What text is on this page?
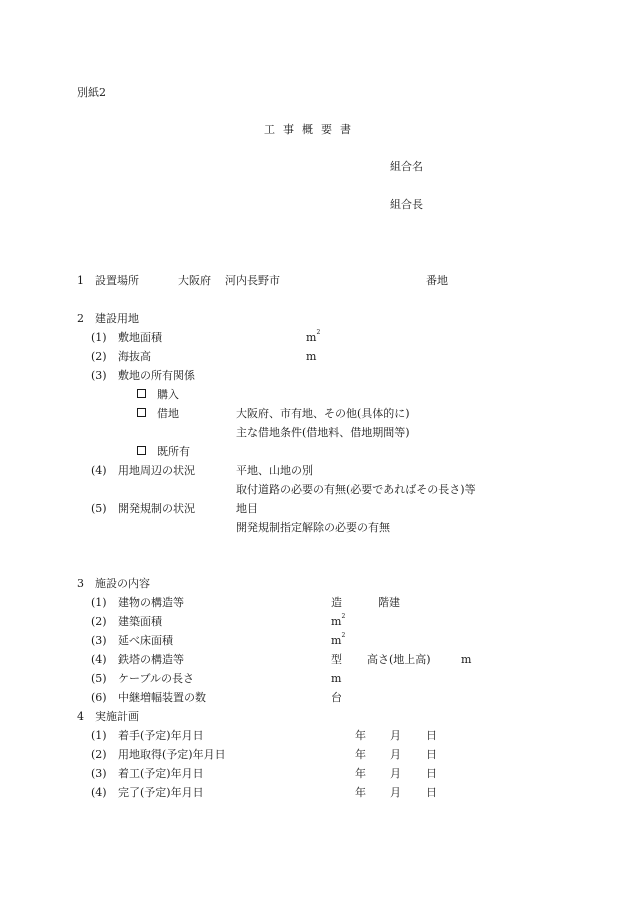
別紙2
工事概要書
組合名
組合長
1 設置場所	大阪府 河内長野市	番地
2 建設用地
(1) 敷地面積	$m^2$
(2) 海抜高	m
(3) 敷地の所有関係
購入
借地	大阪府、市有地、その他(具体的に)
主な借地条件(借地料、借地期間等)
既所有
(4) 用地周辺の状況	平地、山地の別
取付道路の必要の有無(必要であればその長さ)等
(5) 開発規制の状況	地目
開発規制指定解除の必要の有無
3 施設の内容
(1) 建物の構造等	造	階建
(2) 建築面積	$m^2$
(3) 延べ床面積	$m^2$
(4) 鉄塔の構造等	型 高さ(地上高)	m
(5) ケーブルの長さ	m
(6) 中継増幅装置の数	台
4 実施計画
(1) 着手(予定)年月日	年 月 日
(2) 用地取得(予定)年月日	年 月 日
(3) 着工(予定)年月日	年 月 日
(4) 完了(予定)年月日	年 月 日
